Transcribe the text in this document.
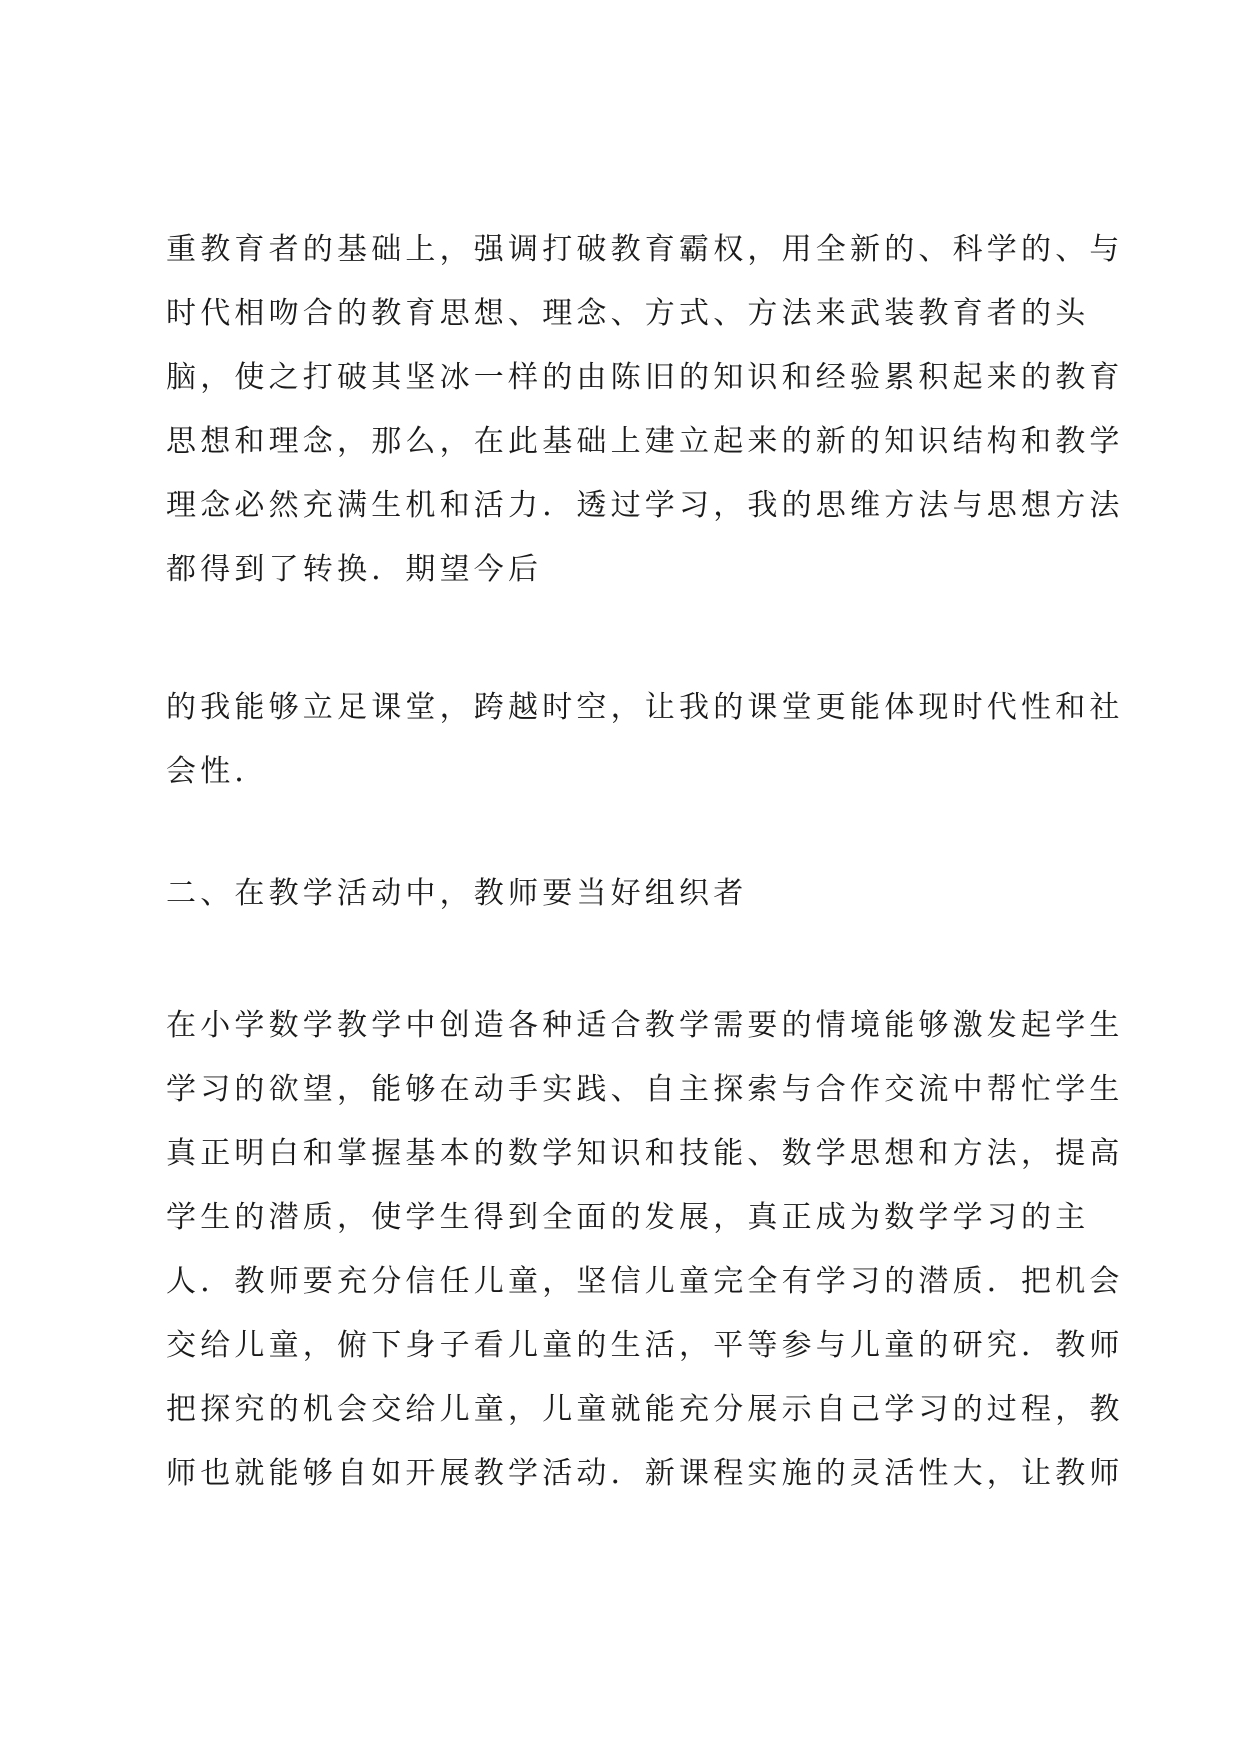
重教育者的基础上，强调打破教育霸权，用全新的、科学的、与
时代相吻合的教育思想、理念、方式、方法来武装教育者的头
脑，使之打破其坚冰一样的由陈旧的知识和经验累积起来的教育
思想和理念，那么，在此基础上建立起来的新的知识结构和教学
理念必然充满生机和活力．透过学习，我的思维方法与思想方法
都得到了转换．期望今后
的我能够立足课堂，跨越时空，让我的课堂更能体现时代性和社
会性．
二、在教学活动中，教师要当好组织者
在小学数学教学中创造各种适合教学需要的情境能够激发起学生
学习的欲望，能够在动手实践、自主探索与合作交流中帮忙学生
真正明白和掌握基本的数学知识和技能、数学思想和方法，提高
学生的潜质，使学生得到全面的发展，真正成为数学学习的主
人．教师要充分信任儿童，坚信儿童完全有学习的潜质．把机会
交给儿童，俯下身子看儿童的生活，平等参与儿童的研究．教师
把探究的机会交给儿童，儿童就能充分展示自己学习的过程，教
师也就能够自如开展教学活动．新课程实施的灵活性大，让教师
